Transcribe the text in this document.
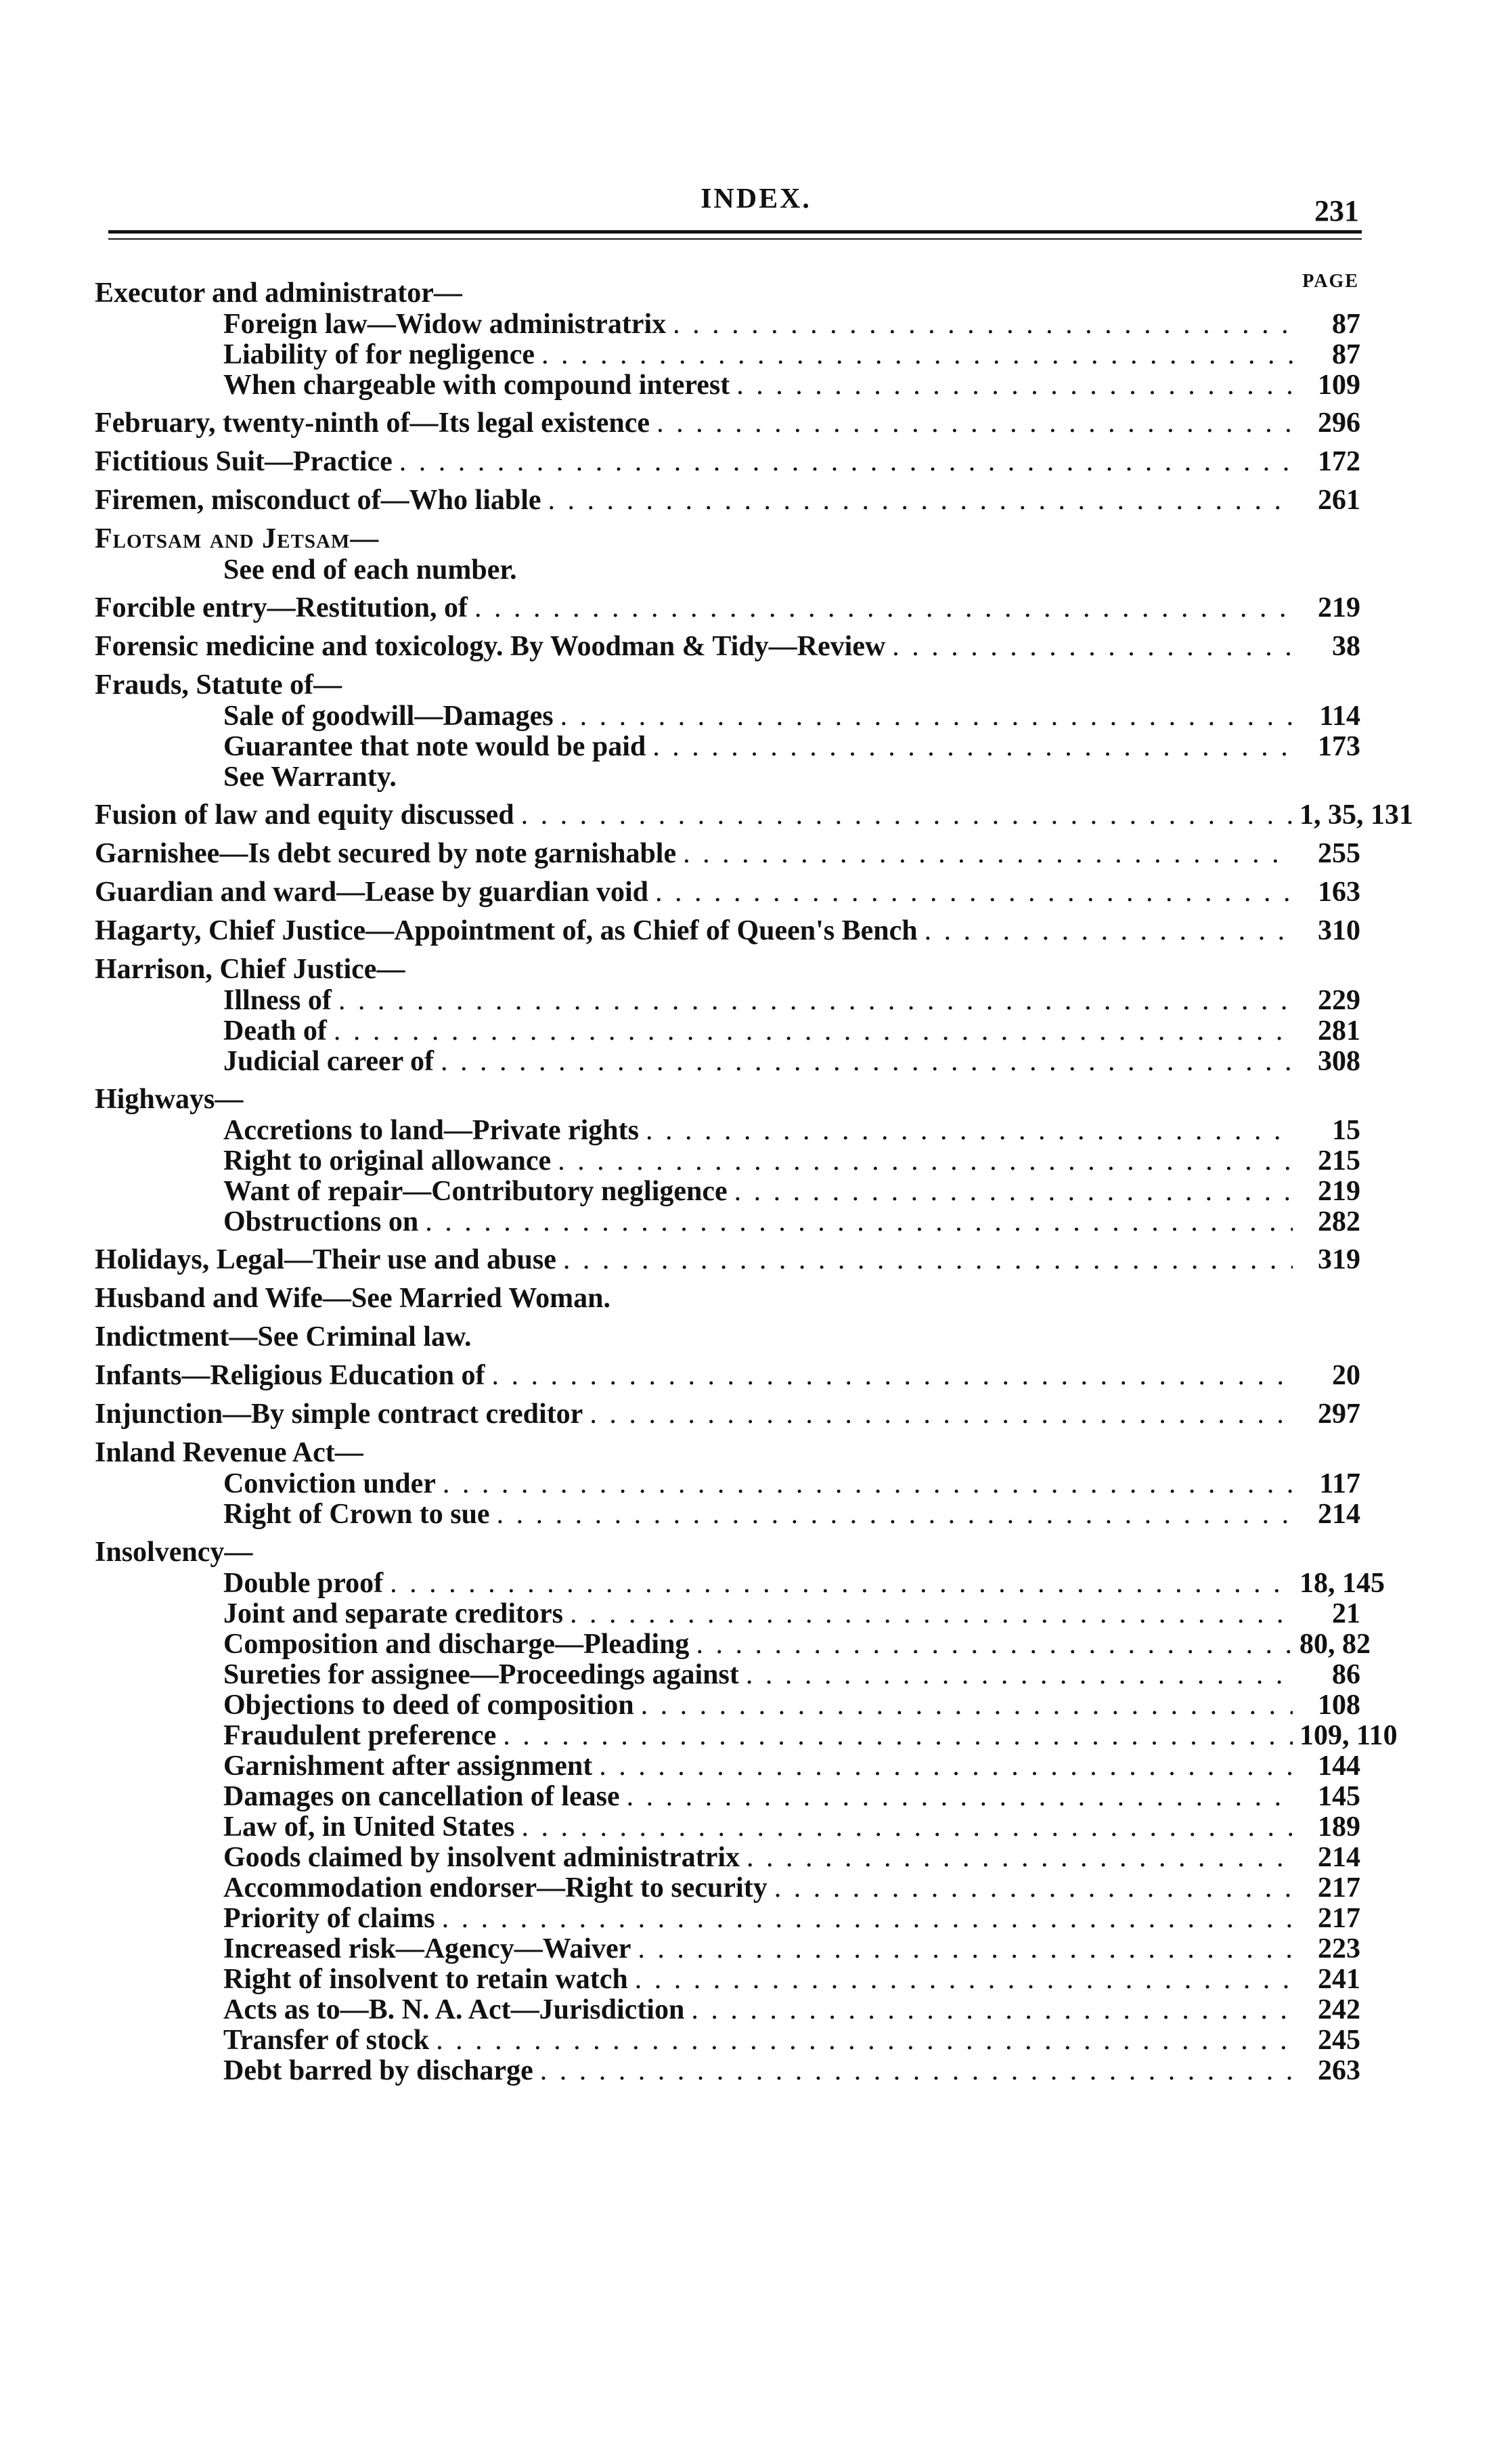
INDEX.	231
PAGE
Executor and administrator—
Foreign law—Widow administratrix . . .	87
Liability of for negligence . . .	87
When chargeable with compound interest . . .	109
February, twenty-ninth of—Its legal existence . . .	296
Fictitious Suit—Practice . . .	172
Firemen, misconduct of—Who liable . . .	261
Flotsam and Jetsam—
See end of each number.
Forcible entry—Restitution, of . . .	219
Forensic medicine and toxicology. By Woodman & Tidy—Review . . .	38
Frauds, Statute of—
Sale of goodwill—Damages . . .	114
Guarantee that note would be paid . . .	173
See Warranty.
Fusion of law and equity discussed . . .	1, 35, 131
Garnishee—Is debt secured by note garnishable . . .	255
Guardian and ward—Lease by guardian void . . .	163
Hagarty, Chief Justice—Appointment of, as Chief of Queen's Bench . . .	310
Harrison, Chief Justice—
Illness of . . .	229
Death of . . .	281
Judicial career of . . .	308
Highways—
Accretions to land—Private rights . . .	15
Right to original allowance . . .	215
Want of repair—Contributory negligence . . .	219
Obstructions on . . .	282
Holidays, Legal—Their use and abuse . . .	319
Husband and Wife—See Married Woman.
Indictment—See Criminal law.
Infants—Religious Education of . . .	20
Injunction—By simple contract creditor . . .	297
Inland Revenue Act—
Conviction under . . .	117
Right of Crown to sue . . .	214
Insolvency—
Double proof . . .	18, 145
Joint and separate creditors . . .	21
Composition and discharge—Pleading . . .	80, 82
Sureties for assignee—Proceedings against . . .	86
Objections to deed of composition . . .	108
Fraudulent preference . . .	109, 110
Garnishment after assignment . . .	144
Damages on cancellation of lease . . .	145
Law of, in United States . . .	189
Goods claimed by insolvent administratrix . . .	214
Accommodation endorser—Right to security . . .	217
Priority of claims . . .	217
Increased risk—Agency—Waiver . . .	223
Right of insolvent to retain watch . . .	241
Acts as to—B. N. A. Act—Jurisdiction . . .	242
Transfer of stock . . .	245
Debt barred by discharge . . .	263
